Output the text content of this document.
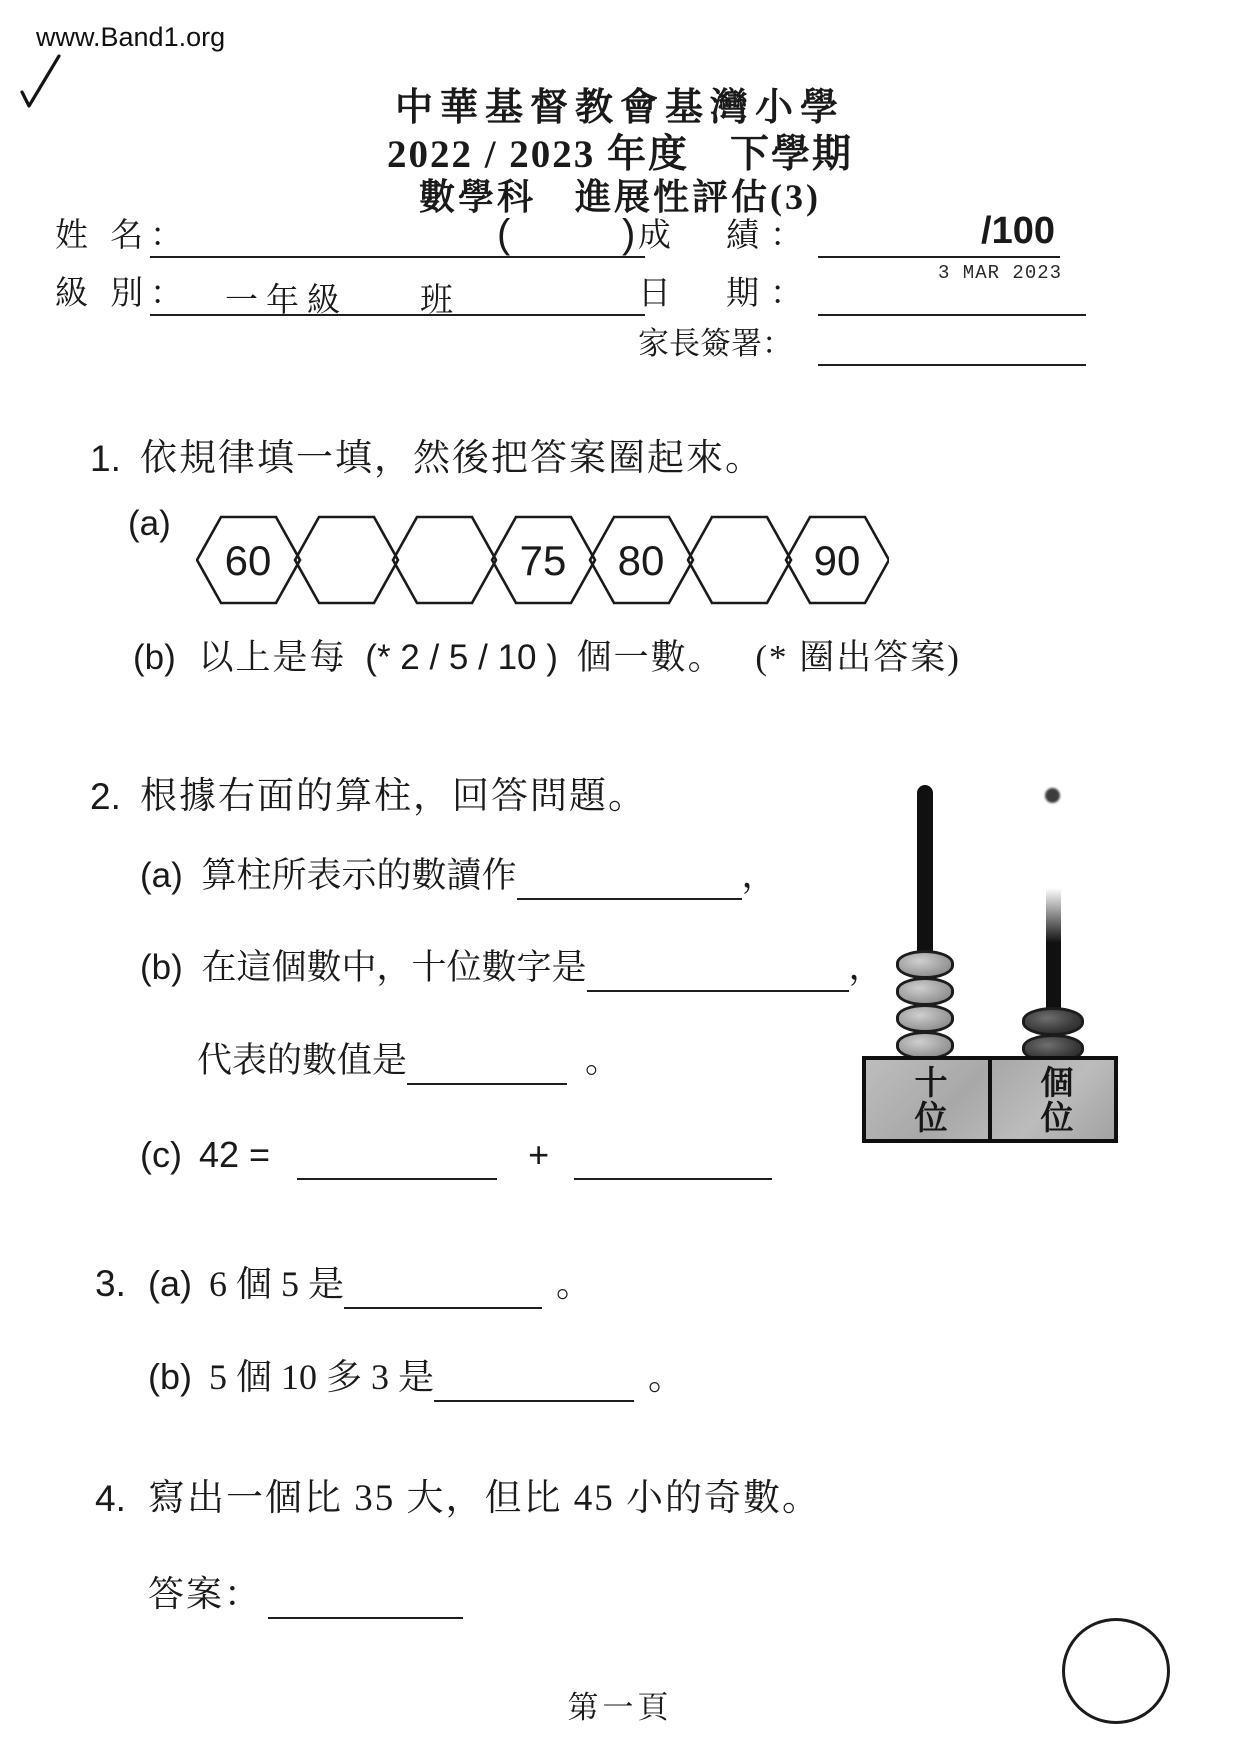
www.Band1.org
中華基督教會基灣小學
2022 / 2023 年度　下學期
數學科　進展性評估(3)
姓 名：	(	)
級 別： 一年級 班
成　績：	/100
3 MAR 2023
日　期：
家長簽署：
1. 依規律填一填，然後把答案圈起來。
(a)
60	75 80	90
(b) 以上是每 (* 2 / 5 / 10 ) 個一數。 (* 圈出答案)
2. 根據右面的算柱，回答問題。
(a) 算柱所表示的數讀作	，
(b) 在這個數中，十位數字是	，
代表的數值是	。
(c) 42 =	+
十位	個位
3. (a) 6 個 5 是	。
(b) 5 個 10 多 3 是	。
4. 寫出一個比 35 大，但比 45 小的奇數。
答案：
第一頁
